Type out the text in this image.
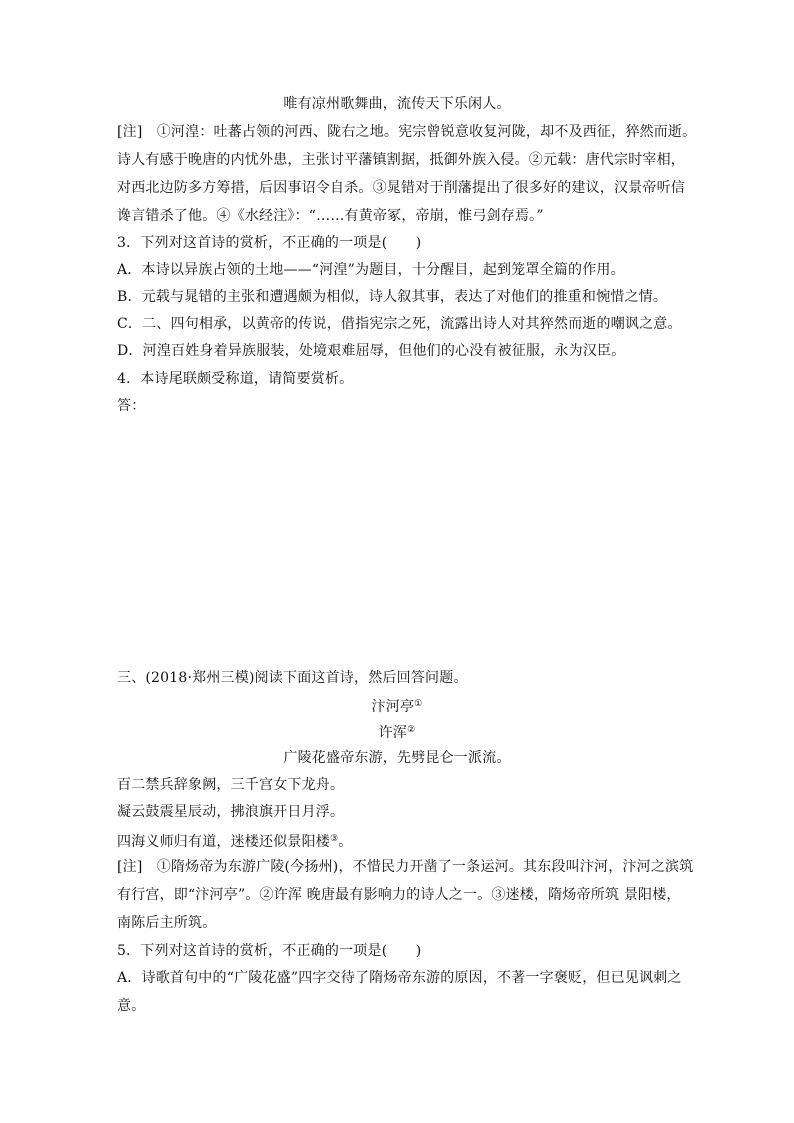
唯有凉州歌舞曲，流传天下乐闲人。
[注]　①河湟：吐蕃占领的河西、陇右之地。宪宗曾锐意收复河陇，却不及西征，猝然而逝。
诗人有感于晚唐的内忧外患，主张讨平藩镇割据，抵御外族入侵。②元载：唐代宗时宰相，
对西北边防多方筹措，后因事诏令自杀。③晁错对于削藩提出了很多好的建议，汉景帝听信
谗言错杀了他。④《水经注》：“……有黄帝冢，帝崩，惟弓剑存焉。”
3．下列对这首诗的赏析，不正确的一项是(　　)
A．本诗以异族占领的土地——“河湟”为题目，十分醒目，起到笼罩全篇的作用。
B．元载与晁错的主张和遭遇颇为相似，诗人叙其事，表达了对他们的推重和惋惜之情。
C．二、四句相承，以黄帝的传说，借指宪宗之死，流露出诗人对其猝然而逝的嘲讽之意。
D．河湟百姓身着异族服装，处境艰难屈辱，但他们的心没有被征服，永为汉臣。
4．本诗尾联颇受称道，请简要赏析。
答：
三、(2018·郑州三模)阅读下面这首诗，然后回答问题。
汴河亭①
许浑②
广陵花盛帝东游，先劈昆仑一派流。
百二禁兵辞象阙，三千宫女下龙舟。
凝云鼓震星辰动，拂浪旗开日月浮。
四海义师归有道，迷楼还似景阳楼③。
[注]　①隋炀帝为东游广陵(今扬州)，不惜民力开凿了一条运河。其东段叫汴河，汴河之滨筑
有行宫，即“汴河亭”。②许浑 晚唐最有影响力的诗人之一。③迷楼，隋炀帝所筑 景阳楼，
南陈后主所筑。
5．下列对这首诗的赏析，不正确的一项是(　　)
A．诗歌首句中的“广陵花盛”四字交待了隋炀帝东游的原因，不著一字褒贬，但已见讽刺之
意。
